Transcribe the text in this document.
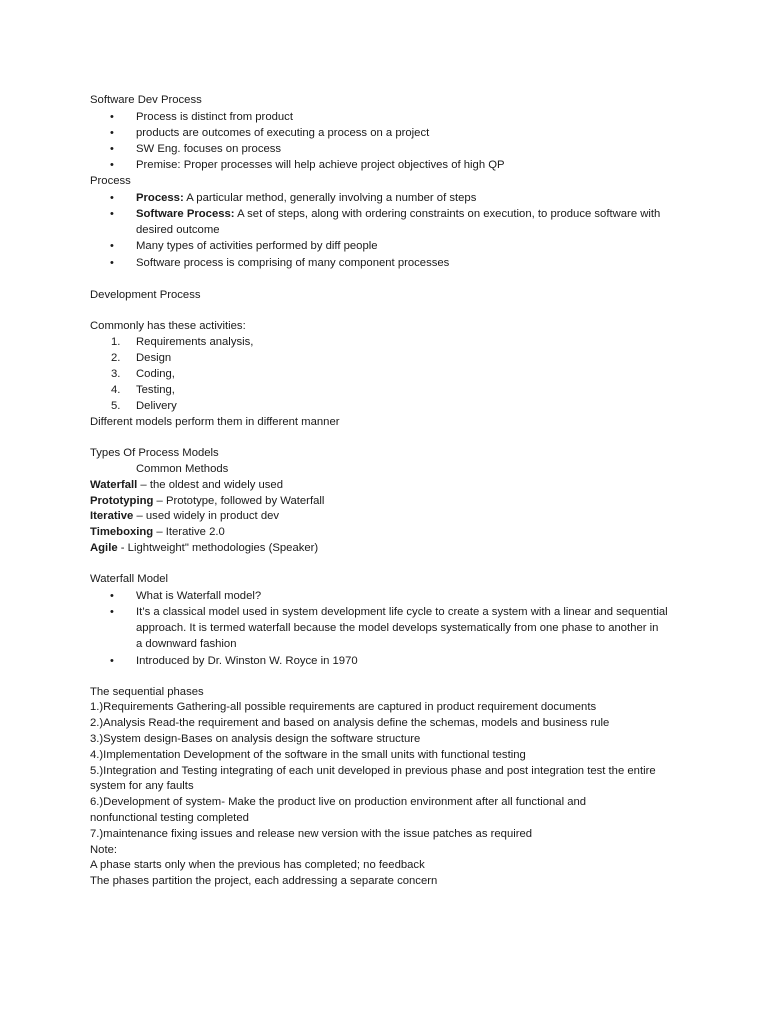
Software Dev Process
• Process is distinct from product
• products are outcomes of executing a process on a project
• SW Eng. focuses on process
• Premise: Proper processes will help achieve project objectives of high QP
Process
• Process: A particular method, generally involving a number of steps
• Software Process: A set of steps, along with ordering constraints on execution, to produce software with
desired outcome
• Many types of activities performed by diff people
• Software process is comprising of many component processes
Development Process
Commonly has these activities:
1. Requirements analysis,
2. Design
3. Coding,
4. Testing,
5. Delivery
Different models perform them in different manner
Types Of Process Models
Common Methods
Waterfall – the oldest and widely used
Prototyping – Prototype, followed by Waterfall
Iterative – used widely in product dev
Timeboxing – Iterative 2.0
Agile - Lightweight" methodologies (Speaker)
Waterfall Model
• What is Waterfall model?
• It’s a classical model used in system development life cycle to create a system with a linear and sequential
approach. It is termed waterfall because the model develops systematically from one phase to another in
a downward fashion
• Introduced by Dr. Winston W. Royce in 1970
The sequential phases
1.)Requirements Gathering-all possible requirements are captured in product requirement documents
2.)Analysis Read-the requirement and based on analysis define the schemas, models and business rule
3.)System design-Bases on analysis design the software structure
4.)Implementation Development of the software in the small units with functional testing
5.)Integration and Testing integrating of each unit developed in previous phase and post integration test the entire
system for any faults
6.)Development of system- Make the product live on production environment after all functional and
nonfunctional testing completed
7.)maintenance fixing issues and release new version with the issue patches as required
Note:
A phase starts only when the previous has completed; no feedback
The phases partition the project, each addressing a separate concern
